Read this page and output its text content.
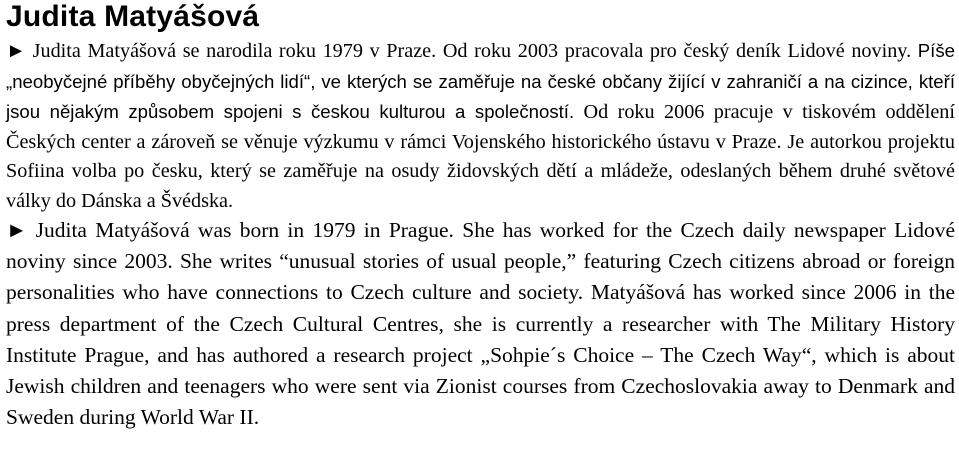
Judita Matyášová

► Judita Matyášová se narodila roku 1979 v Praze. Od roku 2003 pracovala pro český deník Lidové noviny. Píše „neobyčejné příběhy obyčejných lidí“, ve kterých se zaměřuje na české občany žijící v zahraničí a na cizince, kteří jsou nějakým způsobem spojeni s českou kulturou a společností. Od roku 2006 pracuje v tiskovém oddělení Českých center a zároveň se věnuje výzkumu v rámci Vojenského historického ústavu v Praze. Je autorkou projektu Sofiina volba po česku, který se zaměřuje na osudy židovských dětí a mládeže, odeslaných během druhé světové války do Dánska a Švédska.

► Judita Matyášová was born in 1979 in Prague. She has worked for the Czech daily newspaper Lidové noviny since 2003. She writes “unusual stories of usual people,” featuring Czech citizens abroad or foreign personalities who have connections to Czech culture and society. Matyášová has worked since 2006 in the press department of the Czech Cultural Centres, she is currently a researcher with The Military History Institute Prague, and has authored a research project „Sohpie´s Choice – The Czech Way“, which is about Jewish children and teenagers who were sent via Zionist courses from Czechoslovakia away to Denmark and Sweden during World War II.
